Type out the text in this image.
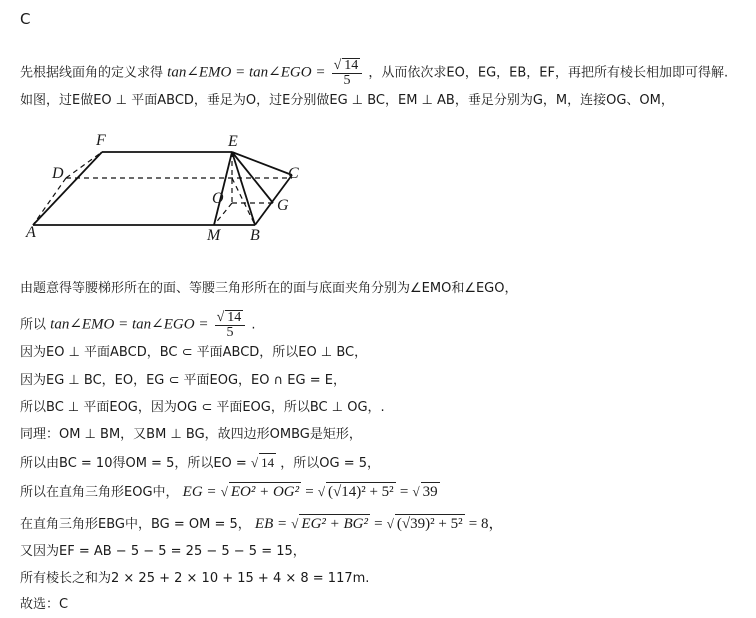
C
先根据线面角的定义求得 tan∠EMO = tan∠EGO = $\frac{√ 14}{5}$ ，从而依次求EO，EG，EB，EF，再把所有棱长相加即可得解.
如图，过E做EO ⊥ 平面ABCD，垂足为O，过E分别做EG ⊥ BC，EM ⊥ AB，垂足分别为G，M，连接OG、OM，
F	E
D	C
O	G
A	M B
由题意得等腰梯形所在的面、等腰三角形所在的面与底面夹角分别为∠EMO和∠EGO，
所以 tan∠EMO = tan∠EGO = $\frac{√ 14}{5}$ .
因为EO ⊥ 平面ABCD，BC ⊂ 平面ABCD，所以EO ⊥ BC，
因为EG ⊥ BC，EO，EG ⊂ 平面EOG，EO ∩ EG = E，
所以BC ⊥ 平面EOG，因为OG ⊂ 平面EOG，所以BC ⊥ OG，.
同理：OM ⊥ BM，又BM ⊥ BG，故四边形OMBG是矩形，
所以由BC = 10得OM = 5，所以EO = √ 14 ，所以OG = 5，
所以在直角三角形EOG中， EG = √ EO² + OG² = √ (√14)² + 5² = √ 39
在直角三角形EBG中，BG = OM = 5， EB = √ EG² + BG² = √ (√39)² + 5² = 8，
又因为EF = AB − 5 − 5 = 25 − 5 − 5 = 15，
所有棱长之和为2 × 25 + 2 × 10 + 15 + 4 × 8 = 117m.
故选：C
